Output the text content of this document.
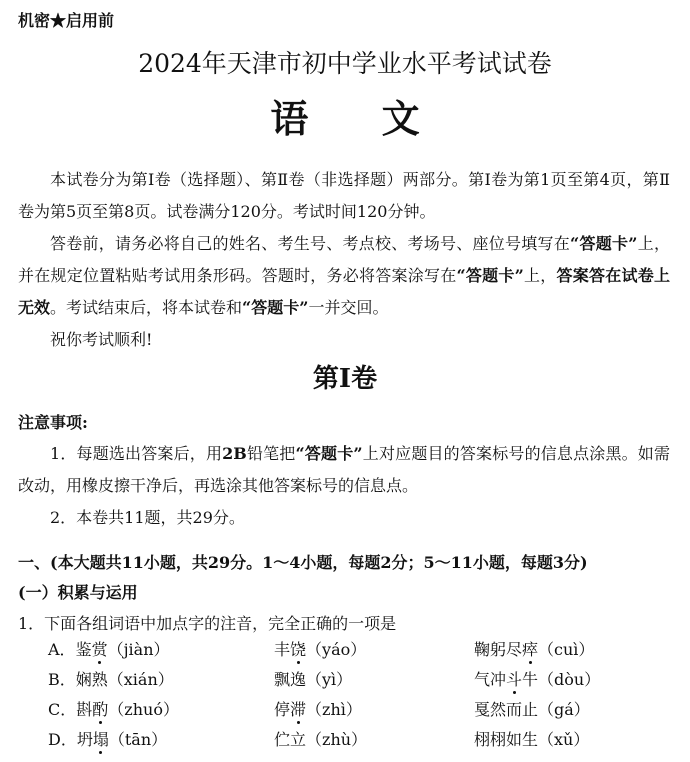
机密★启用前
2024年天津市初中学业水平考试试卷
语 文
本试卷分为第Ⅰ卷（选择题）、第Ⅱ卷（非选择题）两部分。第Ⅰ卷为第1页至第4页，第Ⅱ卷为第5页至第8页。试卷满分120分。考试时间120分钟。
答卷前，请务必将自己的姓名、考生号、考点校、考场号、座位号填写在“答题卡”上，并在规定位置粘贴考试用条形码。答题时，务必将答案涂写在“答题卡”上，答案答在试卷上无效。考试结束后，将本试卷和“答题卡”一并交回。
祝你考试顺利!
第Ⅰ卷
注意事项:
1．每题选出答案后，用2B铅笔把“答题卡”上对应题目的答案标号的信息点涂黑。如需改动，用橡皮擦干净后，再选涂其他答案标号的信息点。
2．本卷共11题，共29分。
一、(本大题共11小题，共29分。1～4小题，每题2分；5～11小题，每题3分)
(一）积累与运用
1．下面各组词语中加点字的注音，完全正确的一项是
A．鉴赏（jiàn）	丰饶（yáo）	鞠躬尽瘁（cuì）
B．娴熟（xián）	飘逸（yì）	气冲斗牛（dòu）
C．斟酌（zhuó）	停滞（zhì）	戛然而止（gá）
D．坍塌（tān）	伫立（zhù）	栩栩如生（xǔ）
